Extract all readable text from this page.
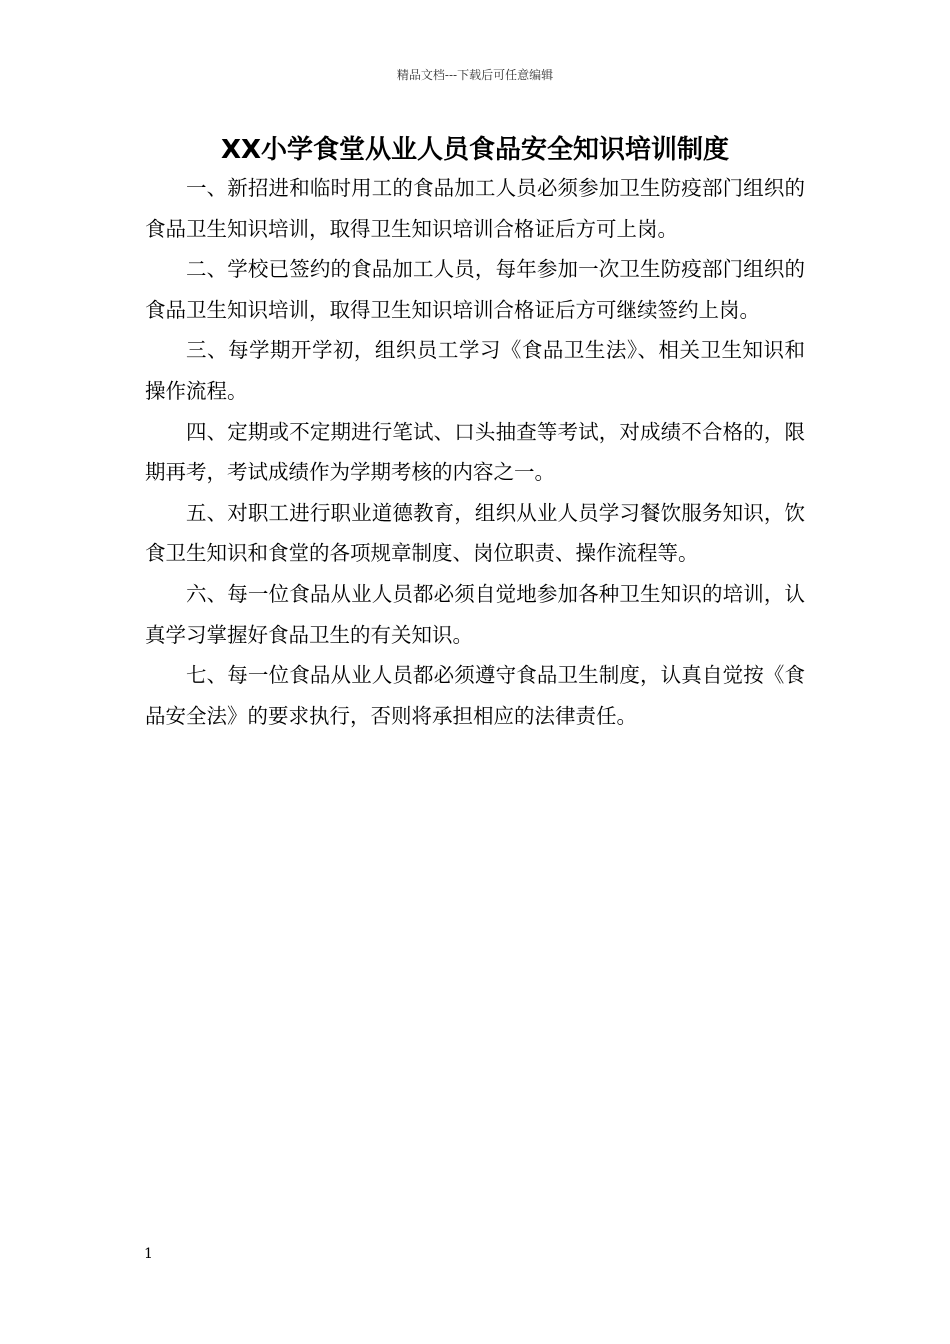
精品文档---下载后可任意编辑
XX小学食堂从业人员食品安全知识培训制度

一、新招进和临时用工的食品加工人员必须参加卫生防疫部门组织的食品卫生知识培训，取得卫生知识培训合格证后方可上岗。

二、学校已签约的食品加工人员，每年参加一次卫生防疫部门组织的食品卫生知识培训，取得卫生知识培训合格证后方可继续签约上岗。

三、每学期开学初，组织员工学习《食品卫生法》、相关卫生知识和操作流程。

四、定期或不定期进行笔试、口头抽查等考试，对成绩不合格的，限期再考，考试成绩作为学期考核的内容之一。

五、对职工进行职业道德教育，组织从业人员学习餐饮服务知识，饮食卫生知识和食堂的各项规章制度、岗位职责、操作流程等。

六、每一位食品从业人员都必须自觉地参加各种卫生知识的培训，认真学习掌握好食品卫生的有关知识。

七、每一位食品从业人员都必须遵守食品卫生制度，认真自觉按《食品安全法》的要求执行，否则将承担相应的法律责任。

1
